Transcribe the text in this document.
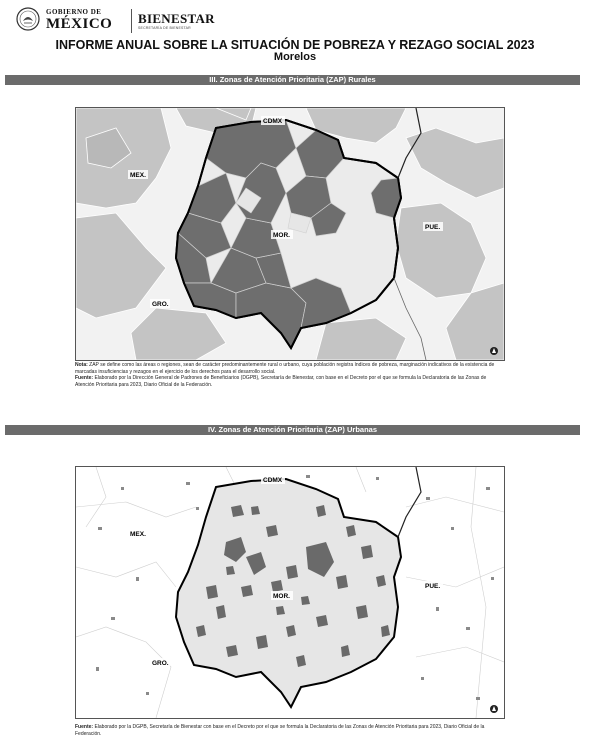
GOBIERNO DE
MÉXICO BIENESTAR
SECRETARÍA DE BIENESTAR
INFORME ANUAL SOBRE LA SITUACIÓN DE POBREZA Y REZAGO SOCIAL 2023
Morelos
III. Zonas de Atención Prioritaria (ZAP) Rurales
CDMX
MEX.
MOR.
PUE.
GRO.
Nota: ZAP se define como las áreas o regiones, sean de carácter predominantemente rural o urbano, cuya población registra índices de pobreza, marginación indicativos de la existencia de marcadas insuficiencias y rezagos en el ejercicio de los derechos para el desarrollo social.
Fuente: Elaborado por la Dirección General de Padrones de Beneficiarios (DGPB), Secretaría de Bienestar, con base en el Decreto por el que se formula la Declaratoria de las Zonas de Atención Prioritaria para 2023, Diario Oficial de la Federación.
IV. Zonas de Atención Prioritaria (ZAP) Urbanas
CDMX
MEX.
MOR.
PUE.
GRO.
Fuente: Elaborado por la DGPB, Secretaría de Bienestar con base en el Decreto por el que se formula la Declaratoria de las Zonas de Atención Prioritaria para 2023, Diario Oficial de la Federación.
